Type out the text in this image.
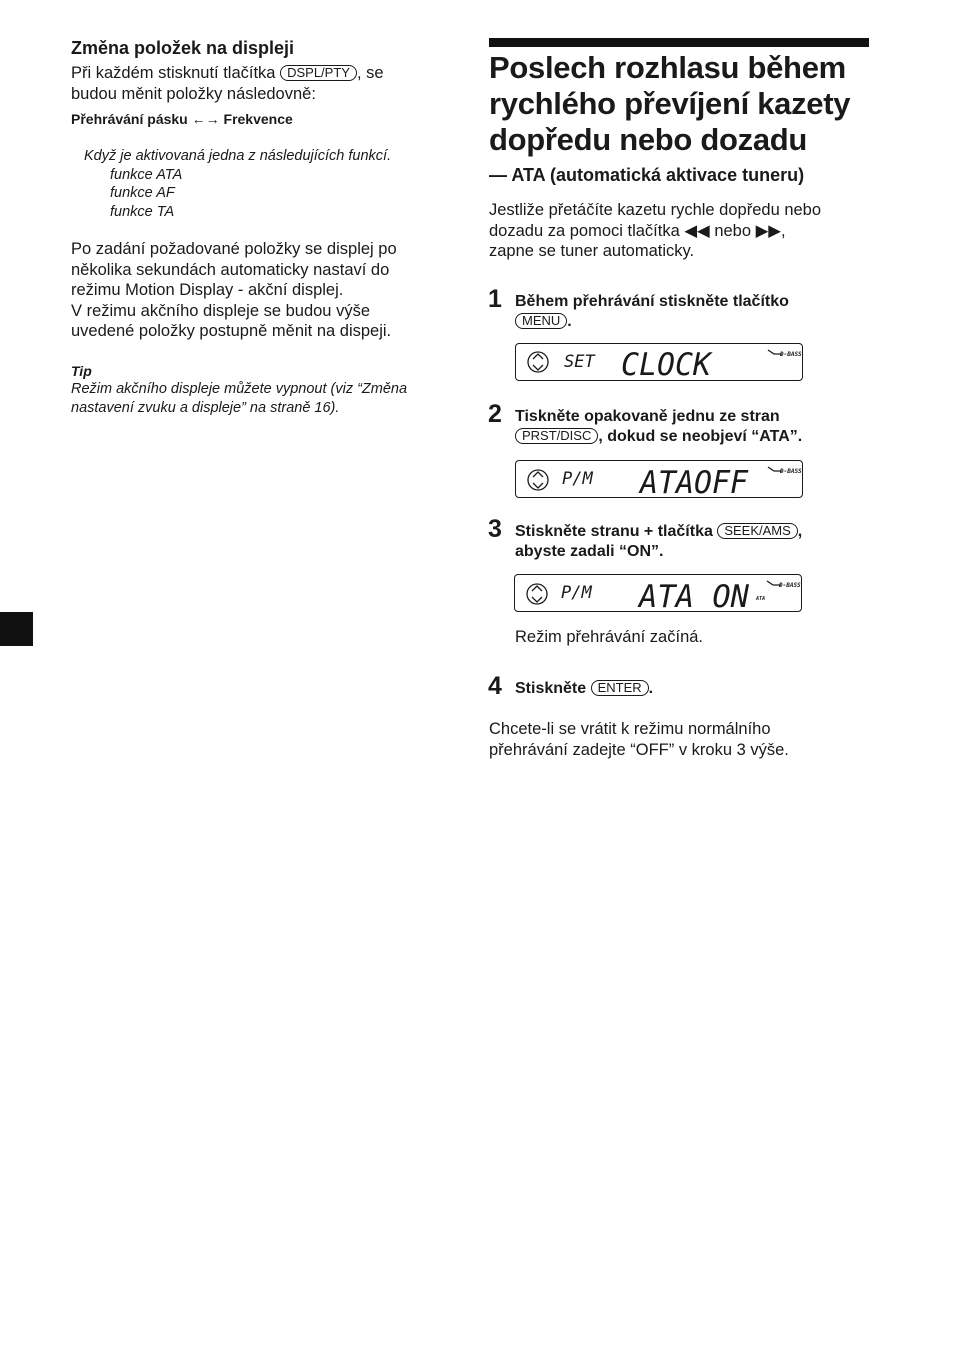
Změna položek na displeji
Při každém stisknutí tlačítka DSPL/PTY , se
budou měnit položky následovně:
Přehrávání pásku ←→ Frekvence
Když je aktivovaná jedna z následujících funkcí.
funkce ATA
funkce AF
funkce TA
Po zadání požadované položky se displej po
několika sekundách automaticky nastaví do
režimu Motion Display - akční displej.
V režimu akčního displeje se budou výše
uvedené položky postupně měnit na dispeji.
Tip
Režim akčního displeje můžete vypnout (viz “Změna
nastavení zvuku a displeje” na straně 16).
Poslech rozhlasu během
rychlého převíjení kazety
dopředu nebo dozadu
— ATA (automatická aktivace tuneru)
Jestliže přetáčíte kazetu rychle dopředu nebo
dozadu za pomoci tlačítka ◀◀ nebo ▶▶,
zapne se tuner automaticky.
1 Během přehrávání stiskněte tlačítko
MENU .
SET CLOCK	D-BASS
2 Tiskněte opakovaně jednu ze stran
PRST/DISC , dokud se neobjeví “ATA”.
P/M ATAOFF	D-BASS
3 Stiskněte stranu + tlačítka SEEK/AMS ,
abyste zadali “ON”.
P/M ATA ON ATA
D-BASS
Režim přehrávání začíná.
4 Stiskněte ENTER .
Chcete-li se vrátit k režimu normálního
přehrávání zadejte “OFF” v kroku 3 výše.
